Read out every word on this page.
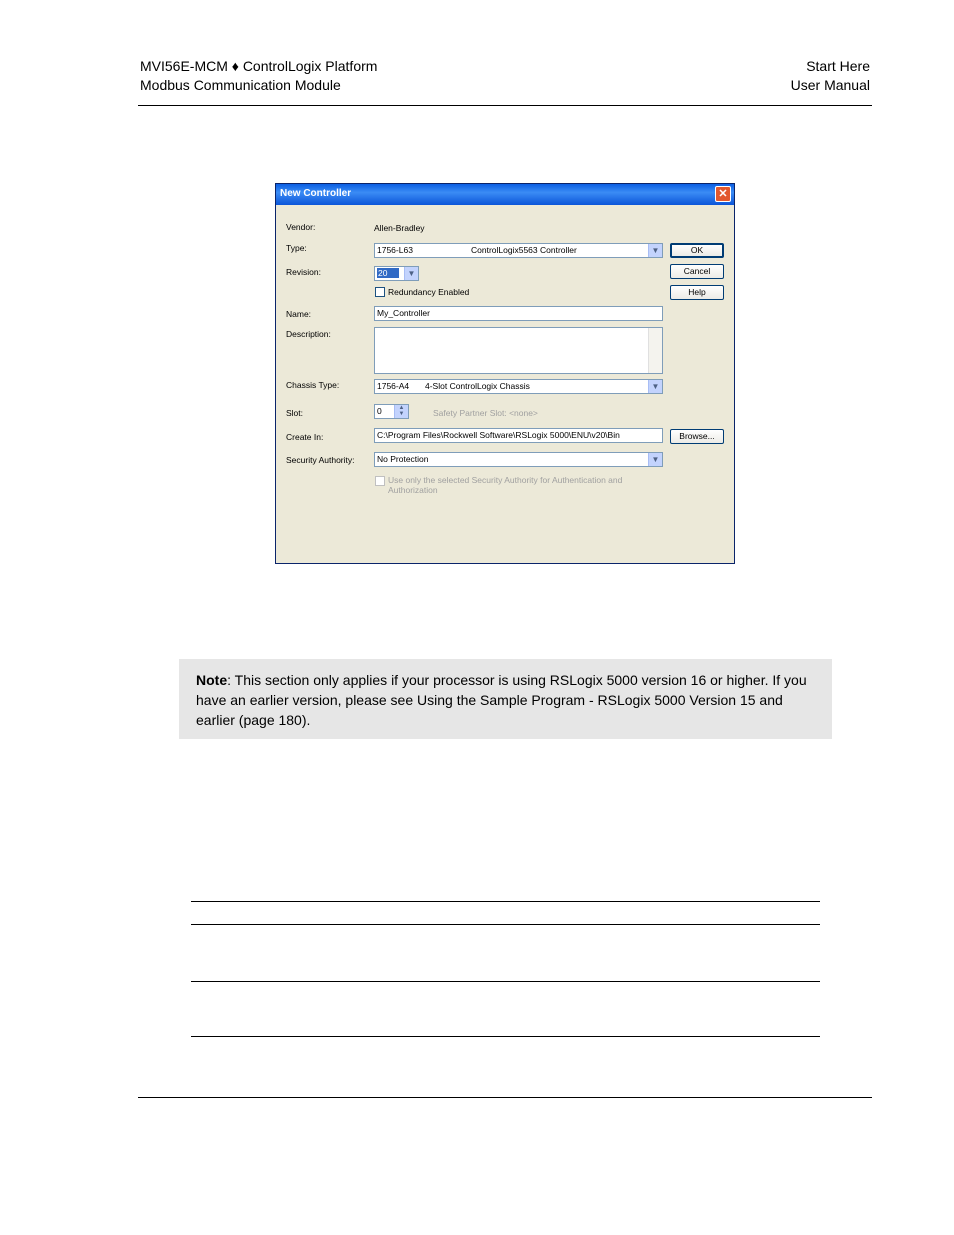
MVI56E-MCM ♦ ControlLogix Platform
Modbus Communication Module
Start Here
User Manual
New Controller	✕
Vendor:	Allen-Bradley
Type:	1756-L63	ControlLogix5563 Controller	▼
Revision:	20	▼
Redundancy Enabled
Name:	My_Controller
Description:
Chassis Type:	1756-A4 4-Slot ControlLogix Chassis	▼
Slot:	0	▲
▼	Safety Partner Slot: <none>
Create In:	C:\Program Files\Rockwell Software\RSLogix 5000\ENU\v20\Bin
Security Authority:	No Protection	▼
Use only the selected Security Authority for Authentication and
Authorization
OK
Cancel
Help
Browse...
Note: This section only applies if your processor is using RSLogix 5000 version 16 or higher. If you have an earlier version, please see Using the Sample Program - RSLogix 5000 Version 15 and earlier (page 180).
